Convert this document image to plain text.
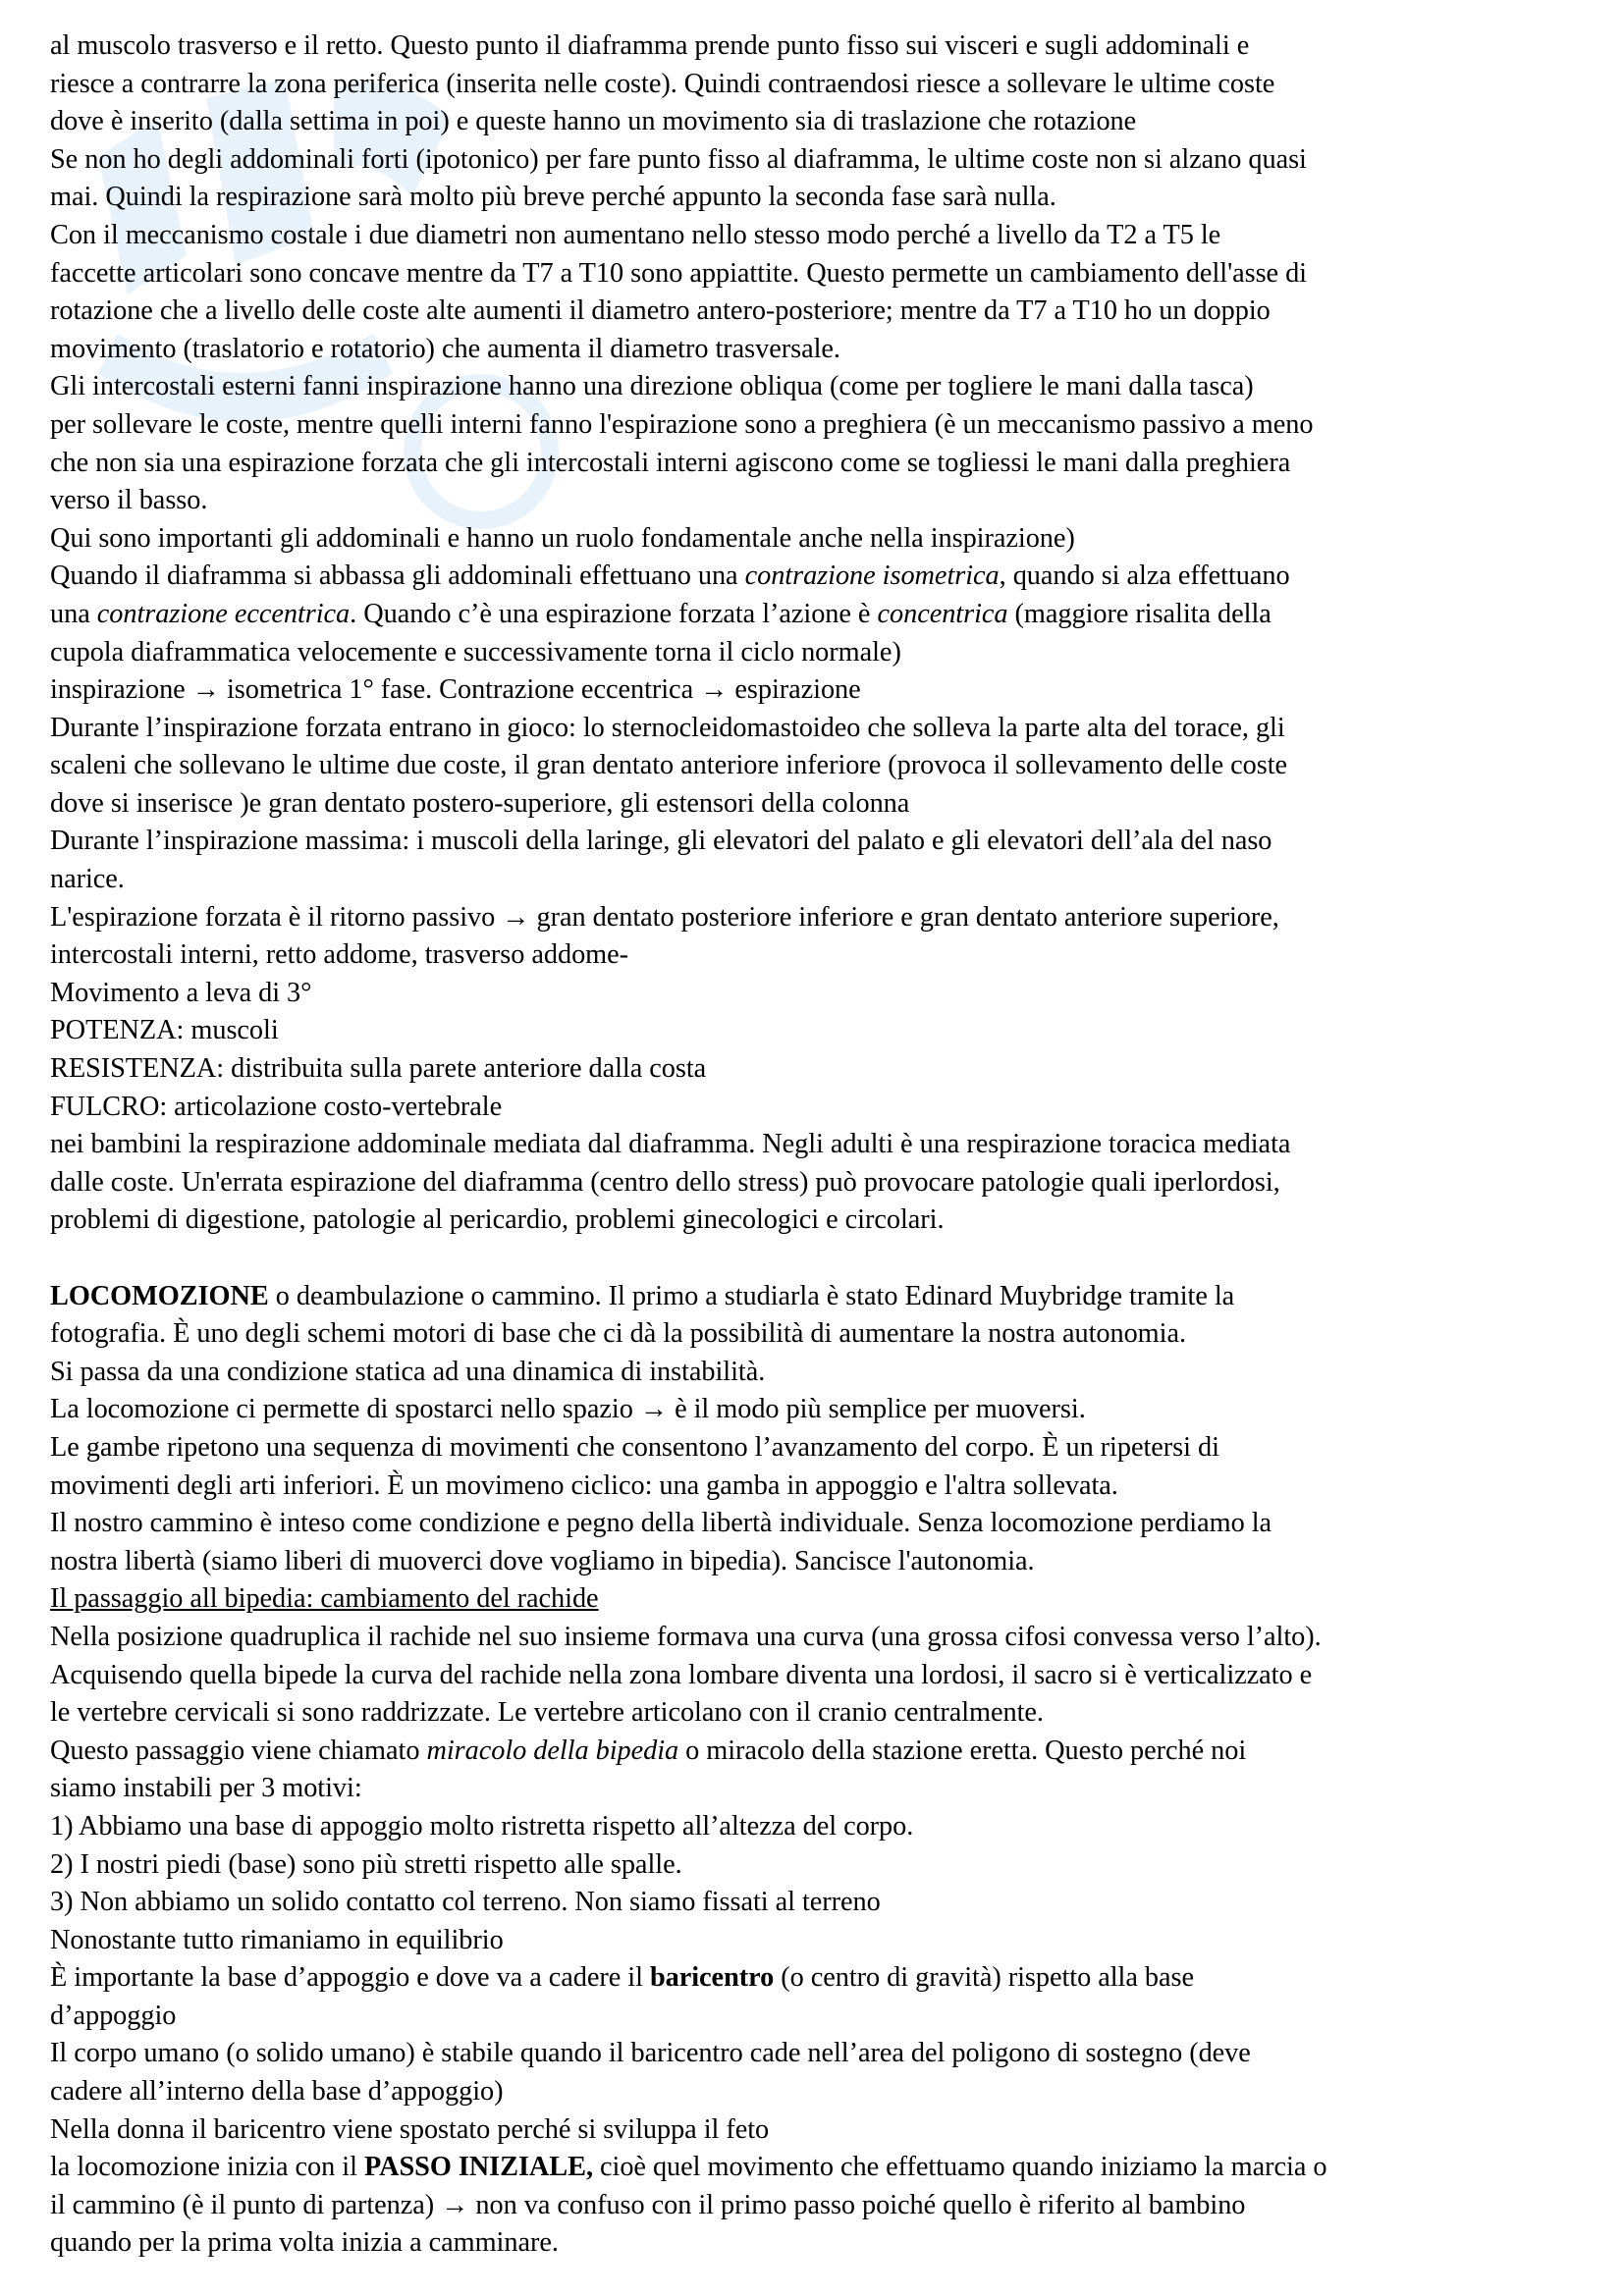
al muscolo trasverso e il retto. Questo punto il diaframma prende punto fisso sui visceri e sugli addominali e
riesce a contrarre la zona periferica (inserita nelle coste). Quindi contraendosi riesce a sollevare le ultime coste
dove è inserito (dalla settima in poi) e queste hanno un movimento sia di traslazione che rotazione
Se non ho degli addominali forti (ipotonico) per fare punto fisso al diaframma, le ultime coste non si alzano quasi
mai. Quindi la respirazione sarà molto più breve perché appunto la seconda fase sarà nulla.
Con il meccanismo costale i due diametri non aumentano nello stesso modo perché a livello da T2 a T5 le
faccette articolari sono concave mentre da T7 a T10 sono appiattite. Questo permette un cambiamento dell'asse di
rotazione che a livello delle coste alte aumenti il diametro antero-posteriore; mentre da T7 a T10 ho un doppio
movimento (traslatorio e rotatorio) che aumenta il diametro trasversale.
Gli intercostali esterni fanni inspirazione hanno una direzione obliqua (come per togliere le mani dalla tasca)
per sollevare le coste, mentre quelli interni fanno l'espirazione sono a preghiera (è un meccanismo passivo a meno
che non sia una espirazione forzata che gli intercostali interni agiscono come se togliessi le mani dalla preghiera
verso il basso.
Qui sono importanti gli addominali e hanno un ruolo fondamentale anche nella inspirazione)
Quando il diaframma si abbassa gli addominali effettuano una contrazione isometrica, quando si alza effettuano
una contrazione eccentrica. Quando c’è una espirazione forzata l’azione è concentrica (maggiore risalita della
cupola diaframmatica velocemente e successivamente torna il ciclo normale)
inspirazione → isometrica 1° fase. Contrazione eccentrica → espirazione
Durante l’inspirazione forzata entrano in gioco: lo sternocleidomastoideo che solleva la parte alta del torace, gli
scaleni che sollevano le ultime due coste, il gran dentato anteriore inferiore (provoca il sollevamento delle coste
dove si inserisce )e gran dentato postero-superiore, gli estensori della colonna
Durante l’inspirazione massima: i muscoli della laringe, gli elevatori del palato e gli elevatori dell’ala del naso
narice.
L'espirazione forzata è il ritorno passivo → gran dentato posteriore inferiore e gran dentato anteriore superiore,
intercostali interni, retto addome, trasverso addome-
Movimento a leva di 3°
POTENZA: muscoli
RESISTENZA: distribuita sulla parete anteriore dalla costa
FULCRO: articolazione costo-vertebrale
nei bambini la respirazione addominale mediata dal diaframma. Negli adulti è una respirazione toracica mediata
dalle coste. Un'errata espirazione del diaframma (centro dello stress) può provocare patologie quali iperlordosi,
problemi di digestione, patologie al pericardio, problemi ginecologici e circolari.
LOCOMOZIONE o deambulazione o cammino. Il primo a studiarla è stato Edinard Muybridge tramite la
fotografia. È uno degli schemi motori di base che ci dà la possibilità di aumentare la nostra autonomia.
Si passa da una condizione statica ad una dinamica di instabilità.
La locomozione ci permette di spostarci nello spazio → è il modo più semplice per muoversi.
Le gambe ripetono una sequenza di movimenti che consentono l’avanzamento del corpo. È un ripetersi di
movimenti degli arti inferiori. È un movimeno ciclico: una gamba in appoggio e l'altra sollevata.
Il nostro cammino è inteso come condizione e pegno della libertà individuale. Senza locomozione perdiamo la
nostra libertà (siamo liberi di muoverci dove vogliamo in bipedia). Sancisce l'autonomia.
Il passaggio all bipedia: cambiamento del rachide
Nella posizione quadruplica il rachide nel suo insieme formava una curva (una grossa cifosi convessa verso l’alto).
Acquisendo quella bipede la curva del rachide nella zona lombare diventa una lordosi, il sacro si è verticalizzato e
le vertebre cervicali si sono raddrizzate. Le vertebre articolano con il cranio centralmente.
Questo passaggio viene chiamato miracolo della bipedia o miracolo della stazione eretta. Questo perché noi
siamo instabili per 3 motivi:
1) Abbiamo una base di appoggio molto ristretta rispetto all’altezza del corpo.
2) I nostri piedi (base) sono più stretti rispetto alle spalle.
3) Non abbiamo un solido contatto col terreno. Non siamo fissati al terreno
Nonostante tutto rimaniamo in equilibrio
È importante la base d’appoggio e dove va a cadere il baricentro (o centro di gravità) rispetto alla base
d’appoggio
Il corpo umano (o solido umano) è stabile quando il baricentro cade nell’area del poligono di sostegno (deve
cadere all’interno della base d’appoggio)
Nella donna il baricentro viene spostato perché si sviluppa il feto
la locomozione inizia con il PASSO INIZIALE, cioè quel movimento che effettuamo quando iniziamo la marcia o
il cammino (è il punto di partenza) → non va confuso con il primo passo poiché quello è riferito al bambino
quando per la prima volta inizia a camminare.
